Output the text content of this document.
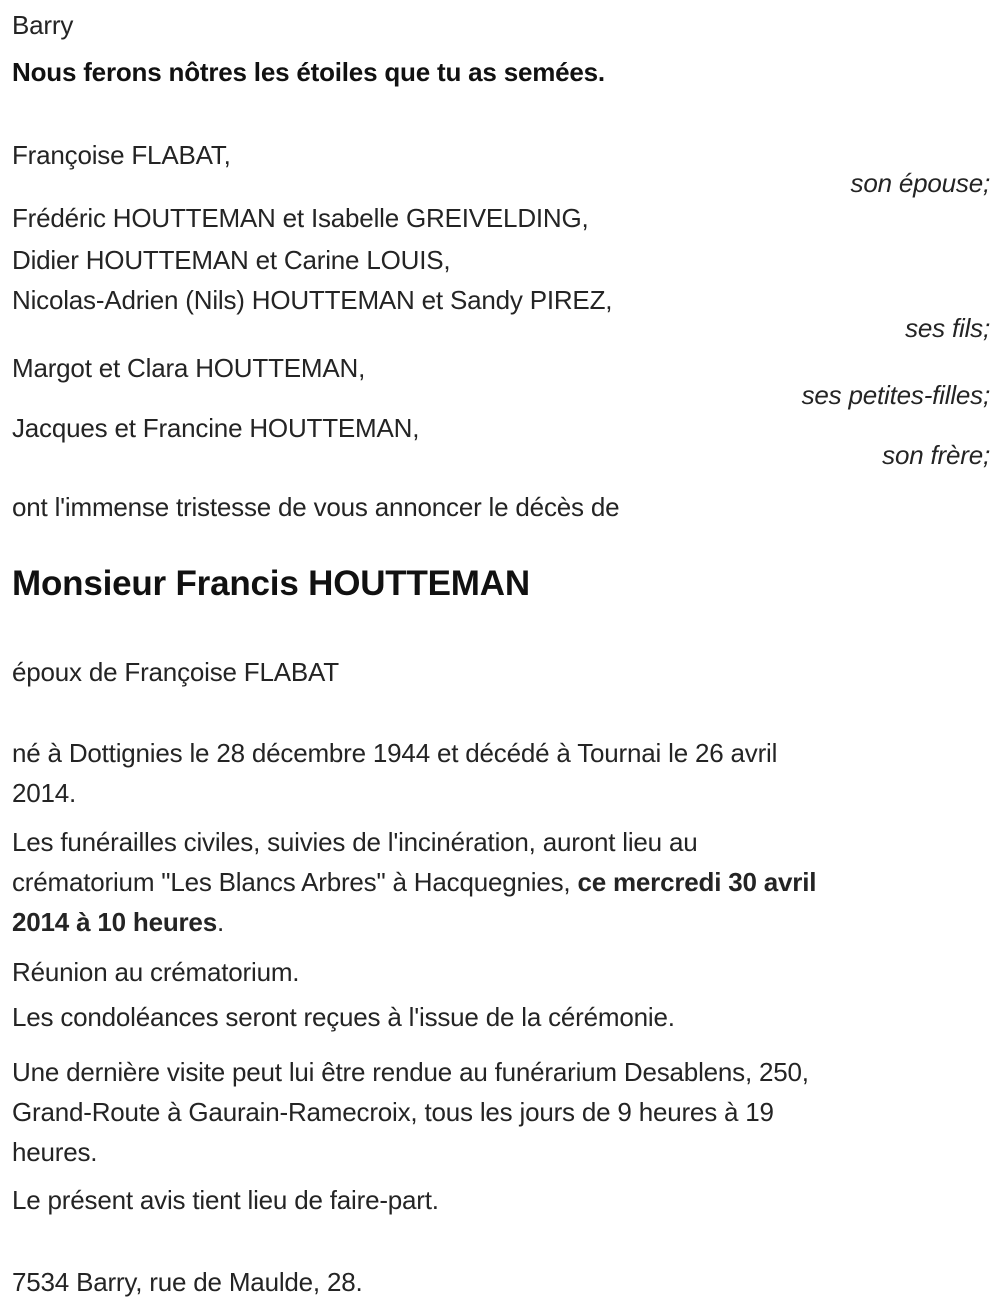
Barry
Nous ferons nôtres les étoiles que tu as semées.
Françoise FLABAT,
son épouse;
Frédéric HOUTTEMAN et Isabelle GREIVELDING,
Didier HOUTTEMAN et Carine LOUIS,
Nicolas-Adrien (Nils) HOUTTEMAN et Sandy PIREZ,
ses fils;
Margot et Clara HOUTTEMAN,
ses petites-filles;
Jacques et Francine HOUTTEMAN,
son frère;
ont l'immense tristesse de vous annoncer le décès de
Monsieur Francis HOUTTEMAN
époux de Françoise FLABAT
né à Dottignies le 28 décembre 1944 et décédé à Tournai le 26 avril
2014.
Les funérailles civiles, suivies de l'incinération, auront lieu au
crématorium "Les Blancs Arbres" à Hacquegnies, ce mercredi 30 avril
2014 à 10 heures.
Réunion au crématorium.
Les condoléances seront reçues à l'issue de la cérémonie.
Une dernière visite peut lui être rendue au funérarium Desablens, 250,
Grand-Route à Gaurain-Ramecroix, tous les jours de 9 heures à 19
heures.
Le présent avis tient lieu de faire-part.
7534 Barry, rue de Maulde, 28.
